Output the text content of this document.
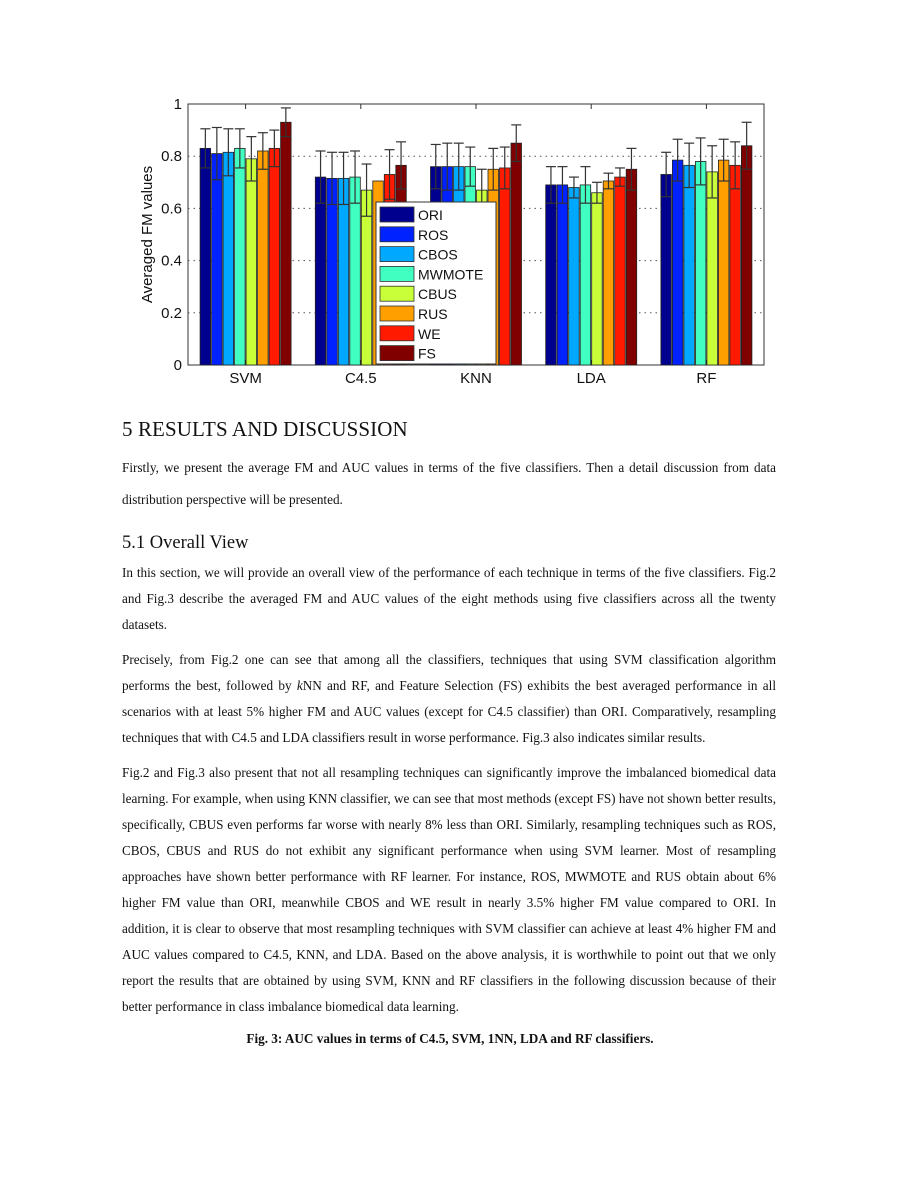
0
0.2
0.4
0.6
0.8
1
Averaged FM values
SVM	C4.5	KNN	LDA	RF
ORI
ROS
CBOS
MWMOTE
CBUS
RUS
WE
FS
5 RESULTS AND DISCUSSION

Firstly, we present the average FM and AUC values in terms of the five classifiers. Then a detail discussion from data distribution perspective will be presented.

5.1 Overall View

In this section, we will provide an overall view of the performance of each technique in terms of the five classifiers. Fig.2 and Fig.3 describe the averaged FM and AUC values of the eight methods using five classifiers across all the twenty datasets.

Precisely, from Fig.2 one can see that among all the classifiers, techniques that using SVM classification algorithm performs the best, followed by kNN and RF, and Feature Selection (FS) exhibits the best averaged performance in all scenarios with at least 5% higher FM and AUC values (except for C4.5 classifier) than ORI. Comparatively, resampling techniques that with C4.5 and LDA classifiers result in worse performance. Fig.3 also indicates similar results.

Fig.2 and Fig.3 also present that not all resampling techniques can significantly improve the imbalanced biomedical data learning. For example, when using KNN classifier, we can see that most methods (except FS) have not shown better results, specifically, CBUS even performs far worse with nearly 8% less than ORI. Similarly, resampling techniques such as ROS, CBOS, CBUS and RUS do not exhibit any significant performance when using SVM learner. Most of resampling approaches have shown better performance with RF learner. For instance, ROS, MWMOTE and RUS obtain about 6% higher FM value than ORI, meanwhile CBOS and WE result in nearly 3.5% higher FM value compared to ORI. In addition, it is clear to observe that most resampling techniques with SVM classifier can achieve at least 4% higher FM and AUC values compared to C4.5, KNN, and LDA. Based on the above analysis, it is worthwhile to point out that we only report the results that are obtained by using SVM, KNN and RF classifiers in the following discussion because of their better performance in class imbalance biomedical data learning.

Fig. 3: AUC values in terms of C4.5, SVM, 1NN, LDA and RF classifiers.
